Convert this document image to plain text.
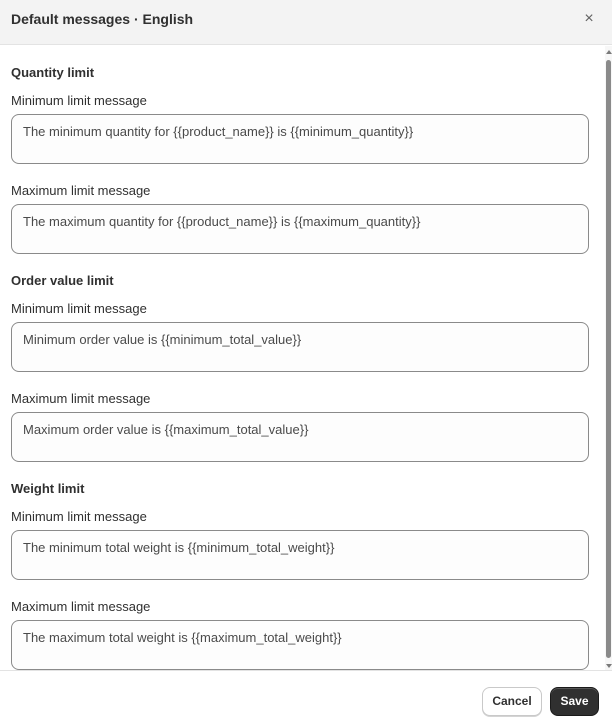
Default messages · English	×
Quantity limit
Minimum limit message
The minimum quantity for {{product_name}} is {{minimum_quantity}}
Maximum limit message
The maximum quantity for {{product_name}} is {{maximum_quantity}}
Order value limit
Minimum limit message
Minimum order value is {{minimum_total_value}}
Maximum limit message
Maximum order value is {{maximum_total_value}}
Weight limit
Minimum limit message
The minimum total weight is {{minimum_total_weight}}
Maximum limit message
The maximum total weight is {{maximum_total_weight}}
Cancel	Save
